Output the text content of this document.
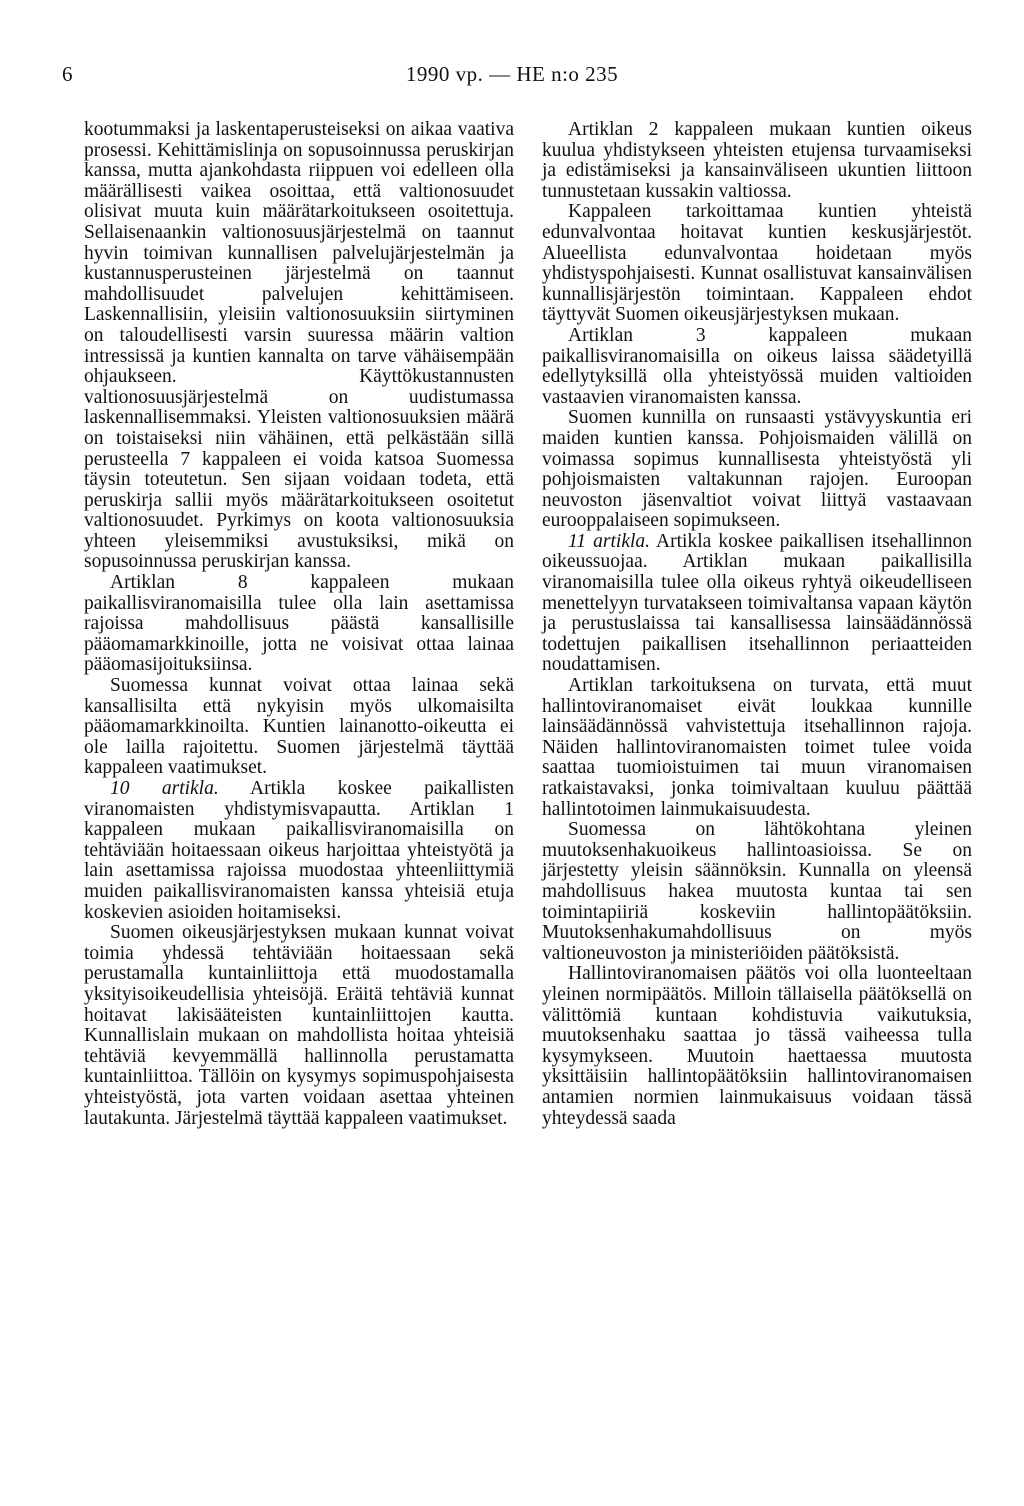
6	1990 vp. — HE n:o 235

kootummaksi ja laskentaperusteiseksi on aikaa vaativa prosessi. Kehittämislinja on sopusoinnussa peruskirjan kanssa, mutta ajankohdasta riippuen voi edelleen olla määrällisesti vaikea osoittaa, että valtionosuudet olisivat muuta kuin määrätarkoitukseen osoitettuja. Sellaisenaankin valtionosuusjärjestelmä on taannut hyvin toimivan kunnallisen palvelujärjestelmän ja kustannusperusteinen järjestelmä on taannut mahdollisuudet palvelujen kehittämiseen. Laskennallisiin, yleisiin valtionosuuksiin siirtyminen on taloudellisesti varsin suuressa määrin valtion intressissä ja kuntien kannalta on tarve vähäisempään ohjaukseen. Käyttökustannusten valtionosuusjärjestelmä on uudistumassa laskennallisemmaksi. Yleisten valtionosuuksien määrä on toistaiseksi niin vähäinen, että pelkästään sillä perusteella 7 kappaleen ei voida katsoa Suomessa täysin toteutetun. Sen sijaan voidaan todeta, että peruskirja sallii myös määrätarkoitukseen osoitetut valtionosuudet. Pyrkimys on koota valtionosuuksia yhteen yleisemmiksi avustuksiksi, mikä on sopusoinnussa peruskirjan kanssa.

Artiklan 8 kappaleen mukaan paikallisviranomaisilla tulee olla lain asettamissa rajoissa mahdollisuus päästä kansallisille pääomamarkkinoille, jotta ne voisivat ottaa lainaa pääomasijoituksiinsa.

Suomessa kunnat voivat ottaa lainaa sekä kansallisilta että nykyisin myös ulkomaisilta pääomamarkkinoilta. Kuntien lainanotto-oikeutta ei ole lailla rajoitettu. Suomen järjestelmä täyttää kappaleen vaatimukset.

10 artikla. Artikla koskee paikallisten viranomaisten yhdistymisvapautta. Artiklan 1 kappaleen mukaan paikallisviranomaisilla on tehtäviään hoitaessaan oikeus harjoittaa yhteistyötä ja lain asettamissa rajoissa muodostaa yhteenliittymiä muiden paikallisviranomaisten kanssa yhteisiä etuja koskevien asioiden hoitamiseksi.

Suomen oikeusjärjestyksen mukaan kunnat voivat toimia yhdessä tehtäviään hoitaessaan sekä perustamalla kuntainliittoja että muodostamalla yksityisoikeudellisia yhteisöjä. Eräitä tehtäviä kunnat hoitavat lakisääteisten kuntainliittojen kautta. Kunnallislain mukaan on mahdollista hoitaa yhteisiä tehtäviä kevyemmällä hallinnolla perustamatta kuntainliittoa. Tällöin on kysymys sopimuspohjaisesta yhteistyöstä, jota varten voidaan asettaa yhteinen lautakunta. Järjestelmä täyttää kappaleen vaatimukset.

Artiklan 2 kappaleen mukaan kuntien oikeus kuulua yhdistykseen yhteisten etujensa turvaamiseksi ja edistämiseksi ja kansainväliseen ukuntien liittoon tunnustetaan kussakin valtiossa.

Kappaleen tarkoittamaa kuntien yhteistä edunvalvontaa hoitavat kuntien keskusjärjestöt. Alueellista edunvalvontaa hoidetaan myös yhdistyspohjaisesti. Kunnat osallistuvat kansainvälisen kunnallisjärjestön toimintaan. Kappaleen ehdot täyttyvät Suomen oikeusjärjestyksen mukaan.

Artiklan 3 kappaleen mukaan paikallisviranomaisilla on oikeus laissa säädetyillä edellytyksillä olla yhteistyössä muiden valtioiden vastaavien viranomaisten kanssa.

Suomen kunnilla on runsaasti ystävyyskuntia eri maiden kuntien kanssa. Pohjoismaiden välillä on voimassa sopimus kunnallisesta yhteistyöstä yli pohjoismaisten valtakunnan rajojen. Euroopan neuvoston jäsenvaltiot voivat liittyä vastaavaan eurooppalaiseen sopimukseen.

11 artikla. Artikla koskee paikallisen itsehallinnon oikeussuojaa. Artiklan mukaan paikallisilla viranomaisilla tulee olla oikeus ryhtyä oikeudelliseen menettelyyn turvatakseen toimivaltansa vapaan käytön ja perustuslaissa tai kansallisessa lainsäädännössä todettujen paikallisen itsehallinnon periaatteiden noudattamisen.

Artiklan tarkoituksena on turvata, että muut hallintoviranomaiset eivät loukkaa kunnille lainsäädännössä vahvistettuja itsehallinnon rajoja. Näiden hallintoviranomaisten toimet tulee voida saattaa tuomioistuimen tai muun viranomaisen ratkaistavaksi, jonka toimivaltaan kuuluu päättää hallintotoimen lainmukaisuudesta.

Suomessa on lähtökohtana yleinen muutoksenhakuoikeus hallintoasioissa. Se on järjestetty yleisin säännöksin. Kunnalla on yleensä mahdollisuus hakea muutosta kuntaa tai sen toimintapiiriä koskeviin hallintopäätöksiin. Muutoksenhakumahdollisuus on myös valtioneuvoston ja ministeriöiden päätöksistä.

Hallintoviranomaisen päätös voi olla luonteeltaan yleinen normipäätös. Milloin tällaisella päätöksellä on välittömiä kuntaan kohdistuvia vaikutuksia, muutoksenhaku saattaa jo tässä vaiheessa tulla kysymykseen. Muutoin haettaessa muutosta yksittäisiin hallintopäätöksiin hallintoviranomaisen antamien normien lainmukaisuus voidaan tässä yhteydessä saada
